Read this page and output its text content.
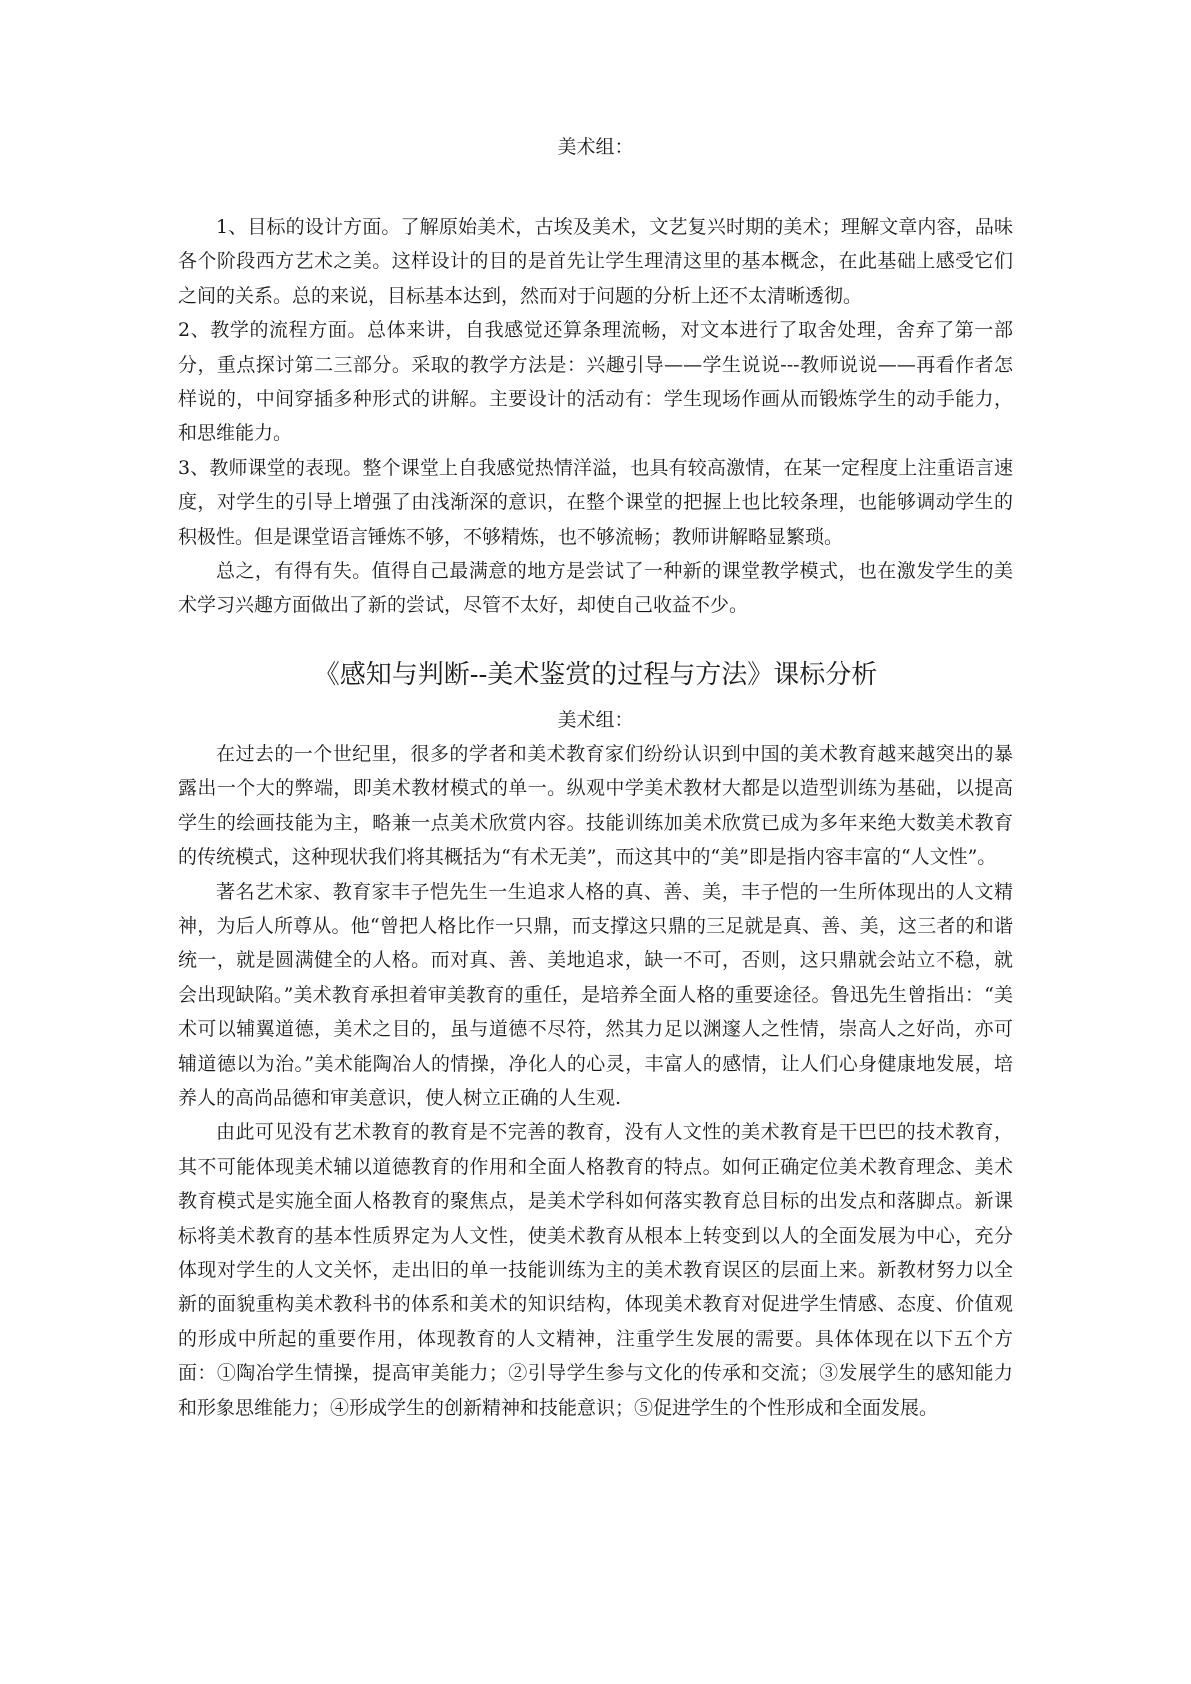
美术组：

1、目标的设计方面。了解原始美术，古埃及美术，文艺复兴时期的美术；理解文章内容，品味各个阶段西方艺术之美。这样设计的目的是首先让学生理清这里的基本概念，在此基础上感受它们之间的关系。总的来说，目标基本达到，然而对于问题的分析上还不太清晰透彻。

2、教学的流程方面。总体来讲，自我感觉还算条理流畅，对文本进行了取舍处理，舍弃了第一部分，重点探讨第二三部分。采取的教学方法是：兴趣引导——学生说说---教师说说——再看作者怎样说的，中间穿插多种形式的讲解。主要设计的活动有：学生现场作画从而锻炼学生的动手能力，和思维能力。

3、教师课堂的表现。整个课堂上自我感觉热情洋溢，也具有较高激情，在某一定程度上注重语言速度，对学生的引导上增强了由浅渐深的意识，在整个课堂的把握上也比较条理，也能够调动学生的积极性。但是课堂语言锤炼不够，不够精炼，也不够流畅；教师讲解略显繁琐。

总之，有得有失。值得自己最满意的地方是尝试了一种新的课堂教学模式，也在激发学生的美术学习兴趣方面做出了新的尝试，尽管不太好，却使自己收益不少。

《感知与判断--美术鉴赏的过程与方法》课标分析

美术组：

在过去的一个世纪里，很多的学者和美术教育家们纷纷认识到中国的美术教育越来越突出的暴露出一个大的弊端，即美术教材模式的单一。纵观中学美术教材大都是以造型训练为基础，以提高学生的绘画技能为主，略兼一点美术欣赏内容。技能训练加美术欣赏已成为多年来绝大数美术教育的传统模式，这种现状我们将其概括为“有术无美”，而这其中的“美”即是指内容丰富的“人文性”。

著名艺术家、教育家丰子恺先生一生追求人格的真、善、美，丰子恺的一生所体现出的人文精神，为后人所尊从。他“曾把人格比作一只鼎，而支撑这只鼎的三足就是真、善、美，这三者的和谐统一，就是圆满健全的人格。而对真、善、美地追求，缺一不可，否则，这只鼎就会站立不稳，就会出现缺陷。”美术教育承担着审美教育的重任，是培养全面人格的重要途径。鲁迅先生曾指出：“美术可以辅翼道德，美术之目的，虽与道德不尽符，然其力足以渊邃人之性情，崇高人之好尚，亦可辅道德以为治。”美术能陶冶人的情操，净化人的心灵，丰富人的感情，让人们心身健康地发展，培养人的高尚品德和审美意识，使人树立正确的人生观.

由此可见没有艺术教育的教育是不完善的教育，没有人文性的美术教育是干巴巴的技术教育，其不可能体现美术辅以道德教育的作用和全面人格教育的特点。如何正确定位美术教育理念、美术教育模式是实施全面人格教育的聚焦点，是美术学科如何落实教育总目标的出发点和落脚点。新课标将美术教育的基本性质界定为人文性，使美术教育从根本上转变到以人的全面发展为中心，充分体现对学生的人文关怀，走出旧的单一技能训练为主的美术教育误区的层面上来。新教材努力以全新的面貌重构美术教科书的体系和美术的知识结构，体现美术教育对促进学生情感、态度、价值观的形成中所起的重要作用，体现教育的人文精神，注重学生发展的需要。具体体现在以下五个方面：①陶冶学生情操，提高审美能力；②引导学生参与文化的传承和交流；③发展学生的感知能力和形象思维能力；④形成学生的创新精神和技能意识；⑤促进学生的个性形成和全面发展。
